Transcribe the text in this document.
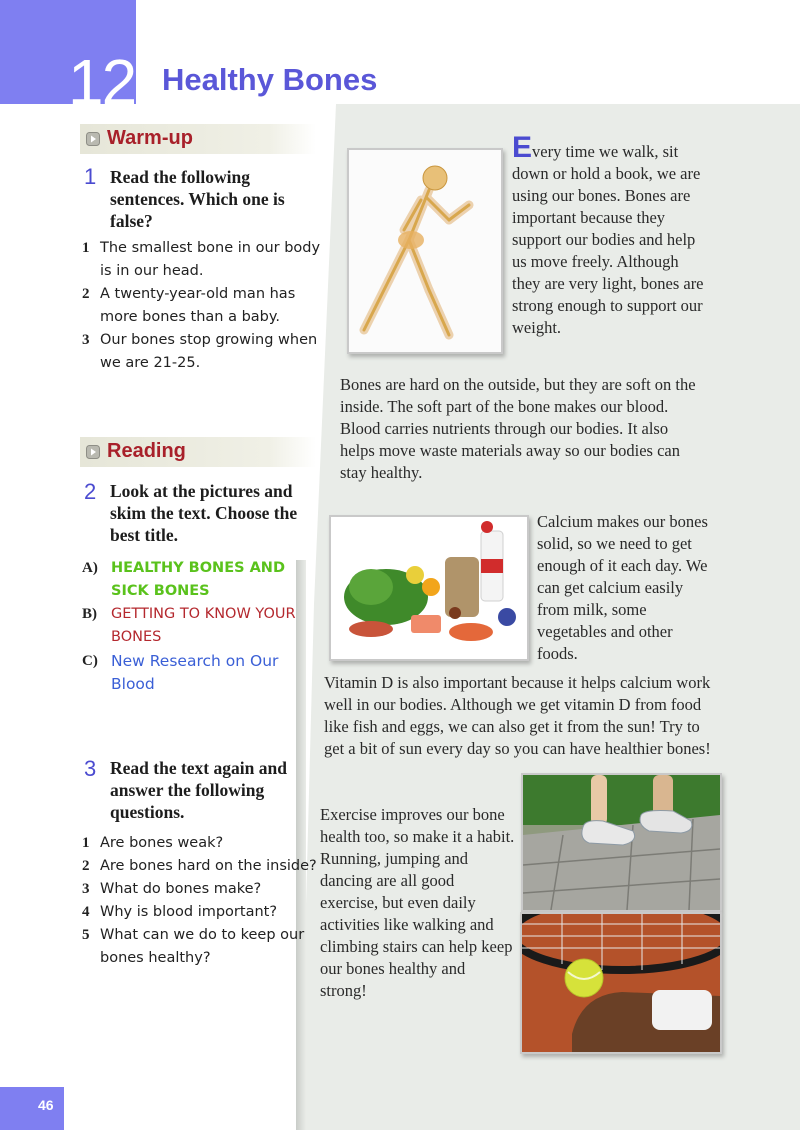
12 Healthy Bones
Warm-up
1 Read the following sentences. Which one is false?
1 The smallest bone in our body is in our head.
2 A twenty-year-old man has more bones than a baby.
3 Our bones stop growing when we are 21-25.
Reading
2 Look at the pictures and skim the text. Choose the best title.
A) HEALTHY BONES AND SICK BONES
B) GETTING TO KNOW YOUR BONES
C) New Research on Our Blood
3 Read the text again and answer the following questions.
1 Are bones weak?
2 Are bones hard on the inside?
3 What do bones make?
4 Why is blood important?
5 What can we do to keep our bones healthy?
Every time we walk, sit down or hold a book, we are using our bones. Bones are important because they support our bodies and help us move freely. Although they are very light, bones are strong enough to support our weight.
Bones are hard on the outside, but they are soft on the inside. The soft part of the bone makes our blood. Blood carries nutrients through our bodies. It also helps move waste materials away so our bodies can stay healthy.
Calcium makes our bones solid, so we need to get enough of it each day. We can get calcium easily from milk, some vegetables and other foods.
Vitamin D is also important because it helps calcium work well in our bodies. Although we get vitamin D from food like fish and eggs, we can also get it from the sun! Try to get a bit of sun every day so you can have healthier bones!
Exercise improves our bone health too, so make it a habit. Running, jumping and dancing are all good exercise, but even daily activities like walking and climbing stairs can help keep our bones healthy and strong!
46
